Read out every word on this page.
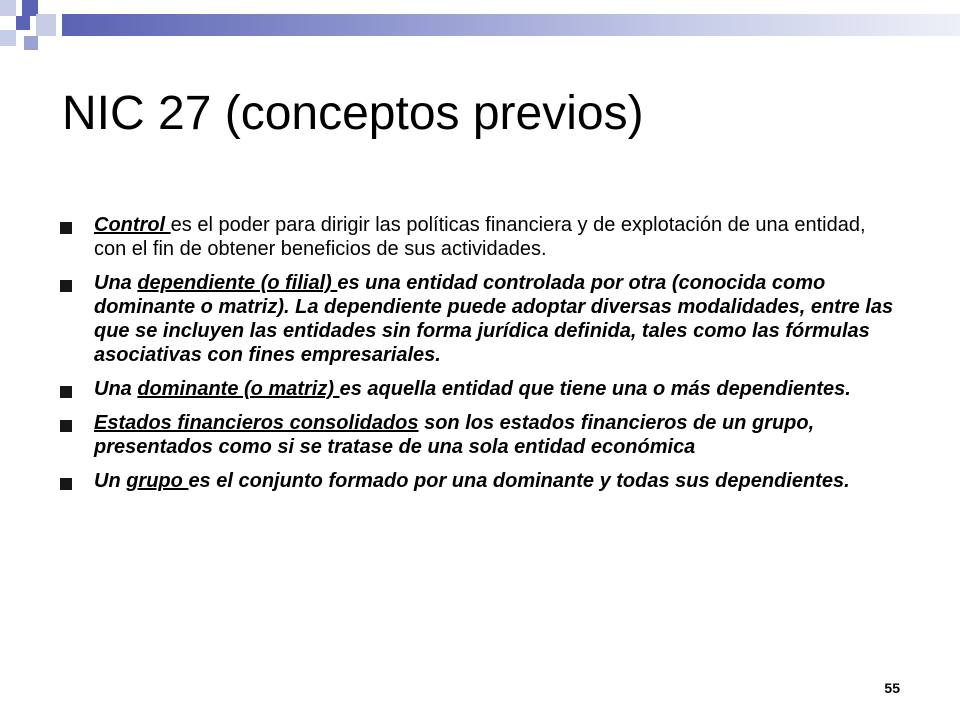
NIC 27 (conceptos previos)
Control es el poder para dirigir las políticas financiera y de explotación de una entidad, con el fin de obtener beneficios de sus actividades.
Una dependiente (o filial) es una entidad controlada por otra (conocida como dominante o matriz). La dependiente puede adoptar diversas modalidades, entre las que se incluyen las entidades sin forma jurídica definida, tales como las fórmulas asociativas con fines empresariales.
Una dominante (o matriz) es aquella entidad que tiene una o más dependientes.
Estados financieros consolidados son los estados financieros de un grupo, presentados como si se tratase de una sola entidad económica
Un grupo es el conjunto formado por una dominante y todas sus dependientes.
55
